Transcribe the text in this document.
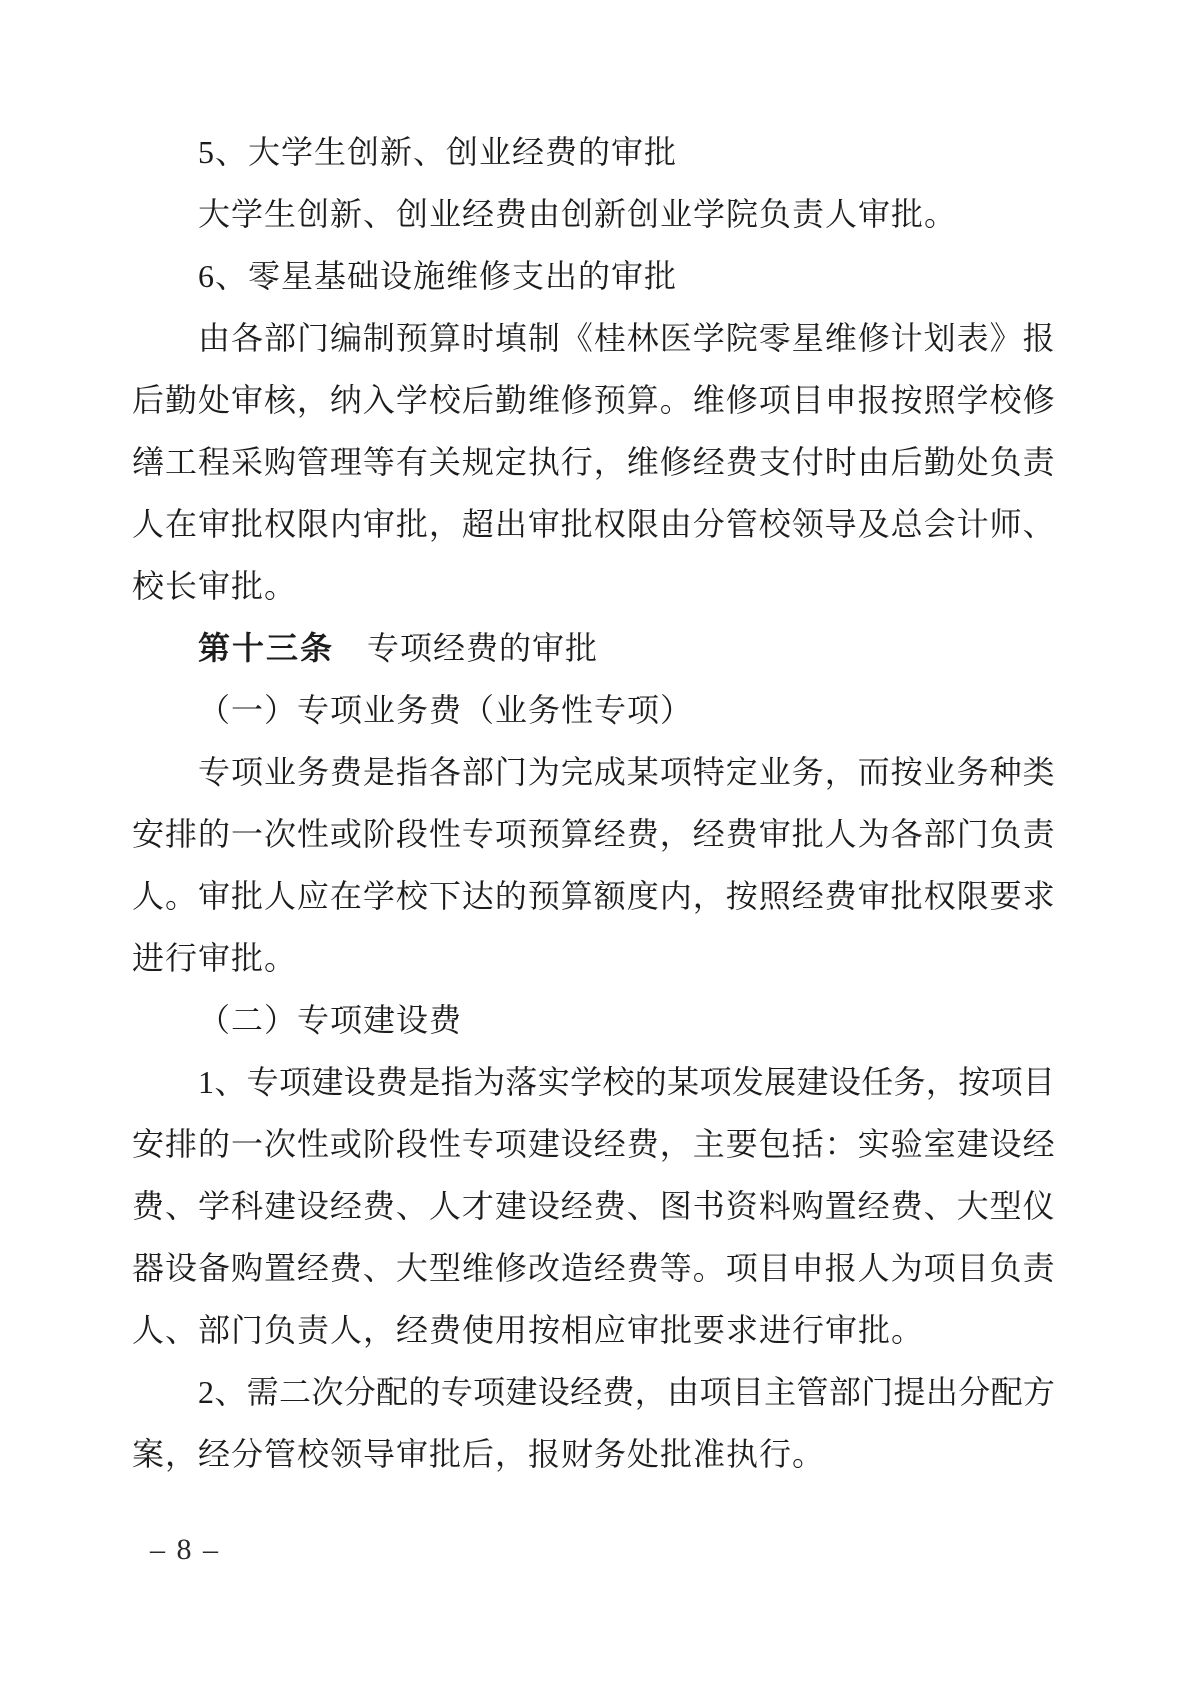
5、大学生创新、创业经费的审批
大学生创新、创业经费由创新创业学院负责人审批。
6、零星基础设施维修支出的审批
由 各 部 门 编 制 预 算 时 填 制 《 桂 林 医 学 院 零 星 维 修 计 划 表 》 报
后 勤 处 审 核 ， 纳 入 学 校 后 勤 维 修 预 算 。 维 修 项 目 申 报 按 照 学 校 修
缮 工 程 采 购 管 理 等 有 关 规 定 执 行 ， 维 修 经 费 支 付 时 由 后 勤 处 负 责
人 在 审 批 权 限 内 审 批 ， 超 出 审 批 权 限 由 分 管 校 领 导 及 总 会 计 师 、
校长审批。
第十三条 专项经费的审批
（一）专项业务费（业务性专项）
专 项 业 务 费 是 指 各 部 门 为 完 成 某 项 特 定 业 务 ， 而 按 业 务 种 类
安 排 的 一 次 性 或 阶 段 性 专 项 预 算 经 费 ， 经 费 审 批 人 为 各 部 门 负 责
人 。 审 批 人 应 在 学 校 下 达 的 预 算 额 度 内 ， 按 照 经 费 审 批 权 限 要 求
进行审批。
（二）专项建设费
1 、 专 项 建 设 费 是 指 为 落 实 学 校 的 某 项 发 展 建 设 任 务 ， 按 项 目
安 排 的 一 次 性 或 阶 段 性 专 项 建 设 经 费 ， 主 要 包 括 ： 实 验 室 建 设 经
费 、 学 科 建 设 经 费 、 人 才 建 设 经 费 、 图 书 资 料 购 置 经 费 、 大 型 仪
器 设 备 购 置 经 费 、 大 型 维 修 改 造 经 费 等 。 项 目 申 报 人 为 项 目 负 责
人、部门负责人，经费使用按相应审批要求进行审批。
2 、 需 二 次 分 配 的 专 项 建 设 经 费 ， 由 项 目 主 管 部 门 提 出 分 配 方
案，经分管校领导审批后，报财务处批准执行。
– 8 –
